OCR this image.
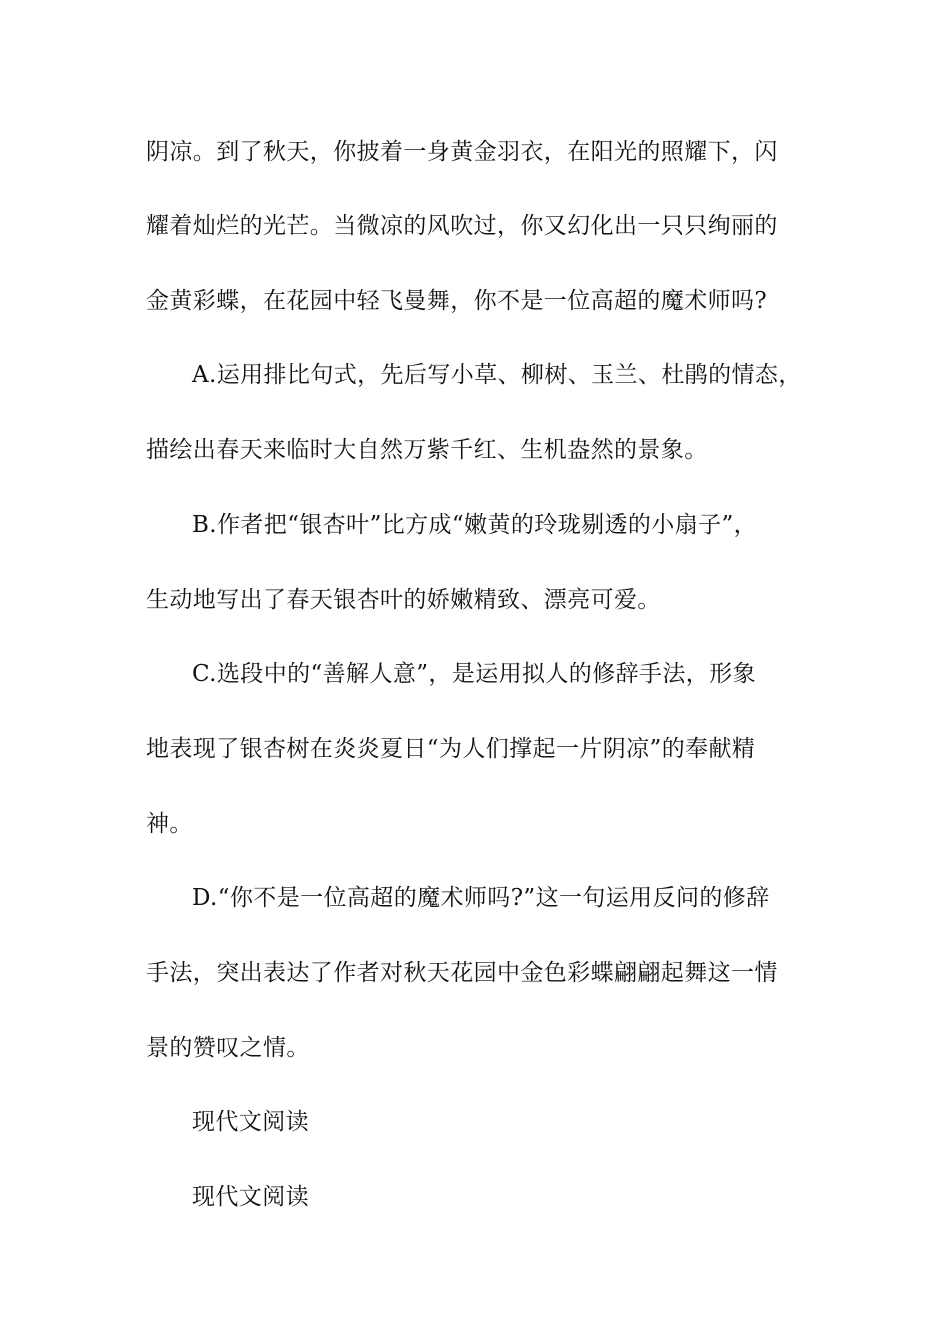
阴凉。到了秋天，你披着一身黄金羽衣，在阳光的照耀下，闪
耀着灿烂的光芒。当微凉的风吹过，你又幻化出一只只绚丽的
金黄彩蝶，在花园中轻飞曼舞，你不是一位高超的魔术师吗?
A.运用排比句式，先后写小草、柳树、玉兰、杜鹃的情态，
描绘出春天来临时大自然万紫千红、生机盎然的景象。
B.作者把“银杏叶”比方成“嫩黄的玲珑剔透的小扇子”，
生动地写出了春天银杏叶的娇嫩精致、漂亮可爱。
C.选段中的“善解人意”，是运用拟人的修辞手法，形象
地表现了银杏树在炎炎夏日“为人们撑起一片阴凉”的奉献精
神。
D.“你不是一位高超的魔术师吗?”这一句运用反问的修辞
手法，突出表达了作者对秋天花园中金色彩蝶翩翩起舞这一情
景的赞叹之情。
现代文阅读
现代文阅读
